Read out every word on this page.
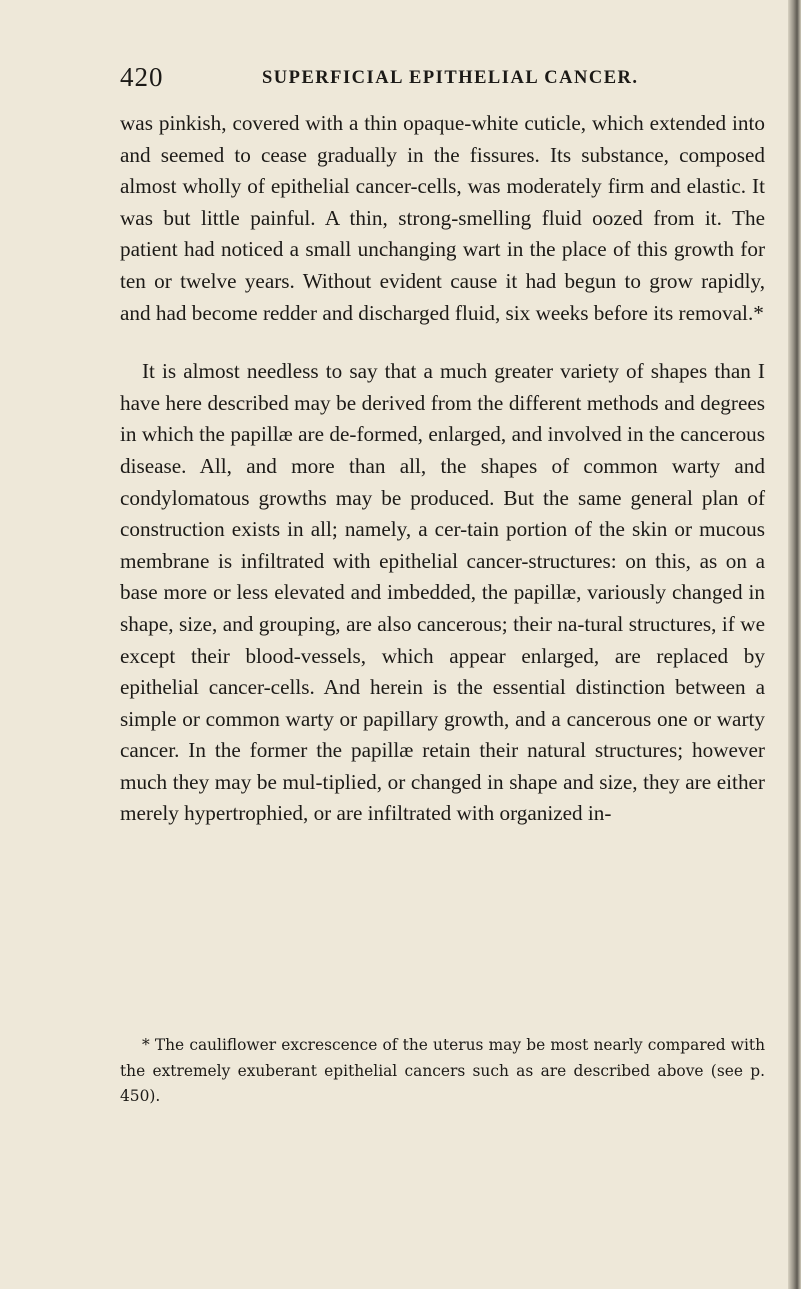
420	SUPERFICIAL EPITHELIAL CANCER.

was pinkish, covered with a thin opaque-white cuticle, which extended into and seemed to cease gradually in the fissures. Its substance, composed almost wholly of epithelial cancer-cells, was moderately firm and elastic. It was but little painful. A thin, strong-smelling fluid oozed from it. The patient had noticed a small unchanging wart in the place of this growth for ten or twelve years. Without evident cause it had begun to grow rapidly, and had become redder and discharged fluid, six weeks before its removal.*

It is almost needless to say that a much greater variety of shapes than I have here described may be derived from the different methods and degrees in which the papillæ are de-formed, enlarged, and involved in the cancerous disease. All, and more than all, the shapes of common warty and condylomatous growths may be produced. But the same general plan of construction exists in all; namely, a cer-tain portion of the skin or mucous membrane is infiltrated with epithelial cancer-structures: on this, as on a base more or less elevated and imbedded, the papillæ, variously changed in shape, size, and grouping, are also cancerous; their na-tural structures, if we except their blood-vessels, which appear enlarged, are replaced by epithelial cancer-cells. And herein is the essential distinction between a simple or common warty or papillary growth, and a cancerous one or warty cancer. In the former the papillæ retain their natural structures; however much they may be mul-tiplied, or changed in shape and size, they are either merely hypertrophied, or are infiltrated with organized in-

* The cauliflower excrescence of the uterus may be most nearly compared with the extremely exuberant epithelial cancers such as are described above (see p. 450).
